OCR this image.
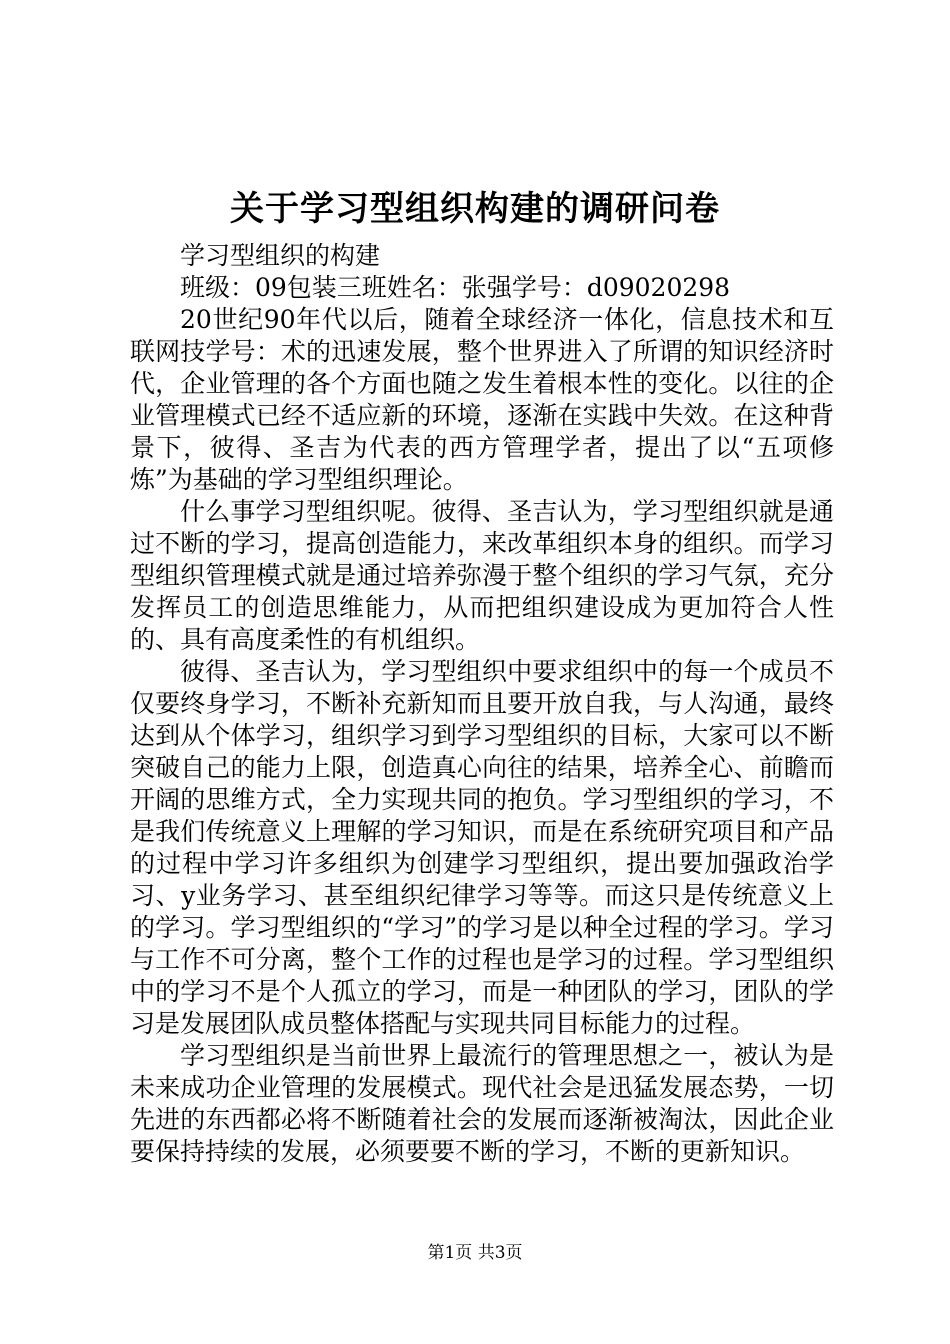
关于学习型组织构建的调研问卷

学习型组织的构建

班级：09包装三班姓名：张强学号：d09020298

20世纪90年代以后，随着全球经济一体化，信息技术和互联网技学号：术的迅速发展，整个世界进入了所谓的知识经济时代，企业管理的各个方面也随之发生着根本性的变化。以往的企业管理模式已经不适应新的环境，逐渐在实践中失效。在这种背景下，彼得、圣吉为代表的西方管理学者，提出了以“五项修炼”为基础的学习型组织理论。

什么事学习型组织呢。彼得、圣吉认为，学习型组织就是通过不断的学习，提高创造能力，来改革组织本身的组织。而学习型组织管理模式就是通过培养弥漫于整个组织的学习气氛，充分发挥员工的创造思维能力，从而把组织建设成为更加符合人性的、具有高度柔性的有机组织。

彼得、圣吉认为，学习型组织中要求组织中的每一个成员不仅要终身学习，不断补充新知而且要开放自我，与人沟通，最终达到从个体学习，组织学习到学习型组织的目标，大家可以不断突破自己的能力上限，创造真心向往的结果，培养全心、前瞻而开阔的思维方式，全力实现共同的抱负。学习型组织的学习，不是我们传统意义上理解的学习知识，而是在系统研究项目和产品的过程中学习许多组织为创建学习型组织，提出要加强政治学习、y业务学习、甚至组织纪律学习等等。而这只是传统意义上的学习。学习型组织的“学习”的学习是以种全过程的学习。学习与工作不可分离，整个工作的过程也是学习的过程。学习型组织中的学习不是个人孤立的学习，而是一种团队的学习，团队的学习是发展团队成员整体搭配与实现共同目标能力的过程。

学习型组织是当前世界上最流行的管理思想之一，被认为是未来成功企业管理的发展模式。现代社会是迅猛发展态势，一切先进的东西都必将不断随着社会的发展而逐渐被淘汰，因此企业要保持持续的发展，必须要要不断的学习，不断的更新知识。

第1页 共3页
